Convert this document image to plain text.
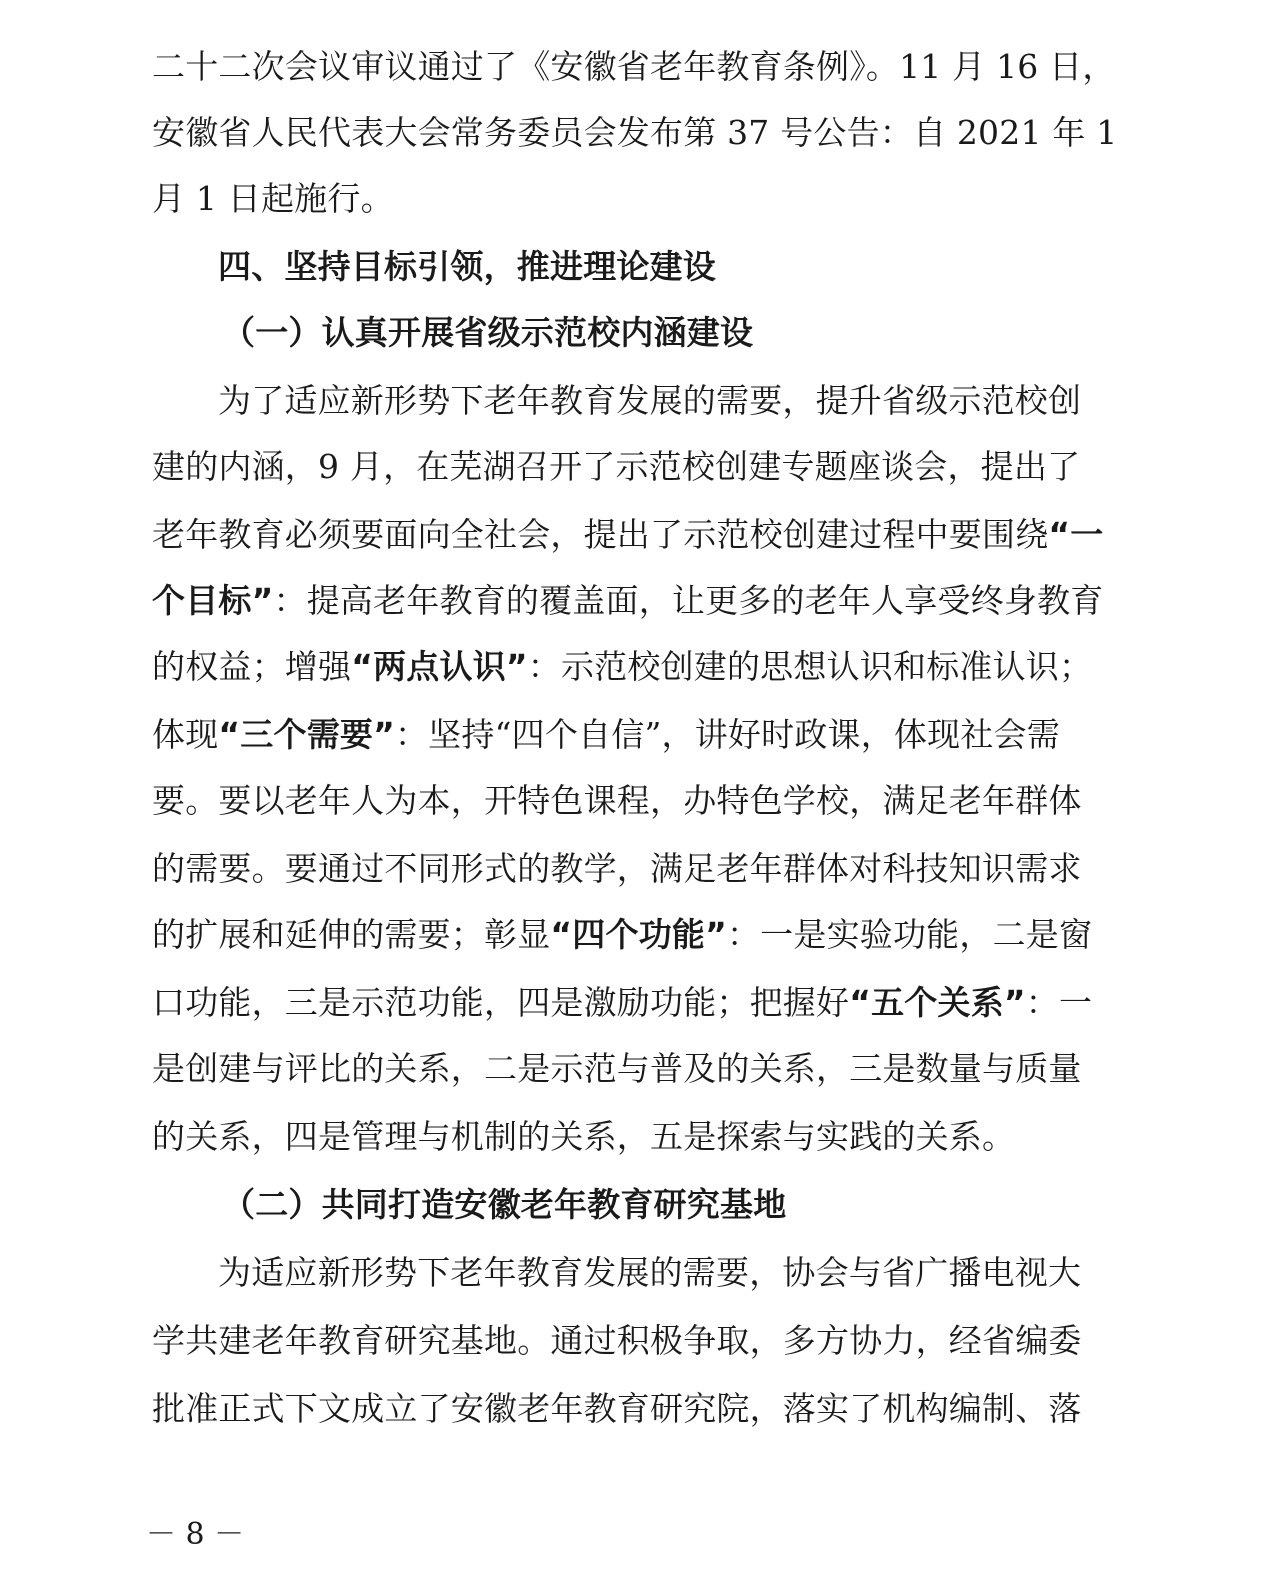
二十二次会议审议通过了《安徽省老年教育条例》。11 月 16 日，
安徽省人民代表大会常务委员会发布第 37 号公告：自 2021 年 1
月 1 日起施行。
四、坚持目标引领，推进理论建设
（一）认真开展省级示范校内涵建设
为了适应新形势下老年教育发展的需要，提升省级示范校创
建的内涵，9 月，在芜湖召开了示范校创建专题座谈会，提出了
老年教育必须要面向全社会，提出了示范校创建过程中要围绕“一
个目标”：提高老年教育的覆盖面，让更多的老年人享受终身教育
的权益；增强“两点认识”：示范校创建的思想认识和标准认识；
体现“三个需要”：坚持“四个自信”，讲好时政课，体现社会需
要。要以老年人为本，开特色课程，办特色学校，满足老年群体
的需要。要通过不同形式的教学，满足老年群体对科技知识需求
的扩展和延伸的需要；彰显“四个功能”：一是实验功能，二是窗
口功能，三是示范功能，四是激励功能；把握好“五个关系”：一
是创建与评比的关系，二是示范与普及的关系，三是数量与质量
的关系，四是管理与机制的关系，五是探索与实践的关系。
（二）共同打造安徽老年教育研究基地
为适应新形势下老年教育发展的需要，协会与省广播电视大
学共建老年教育研究基地。通过积极争取，多方协力，经省编委
批准正式下文成立了安徽老年教育研究院，落实了机构编制、落
－ 8 －
